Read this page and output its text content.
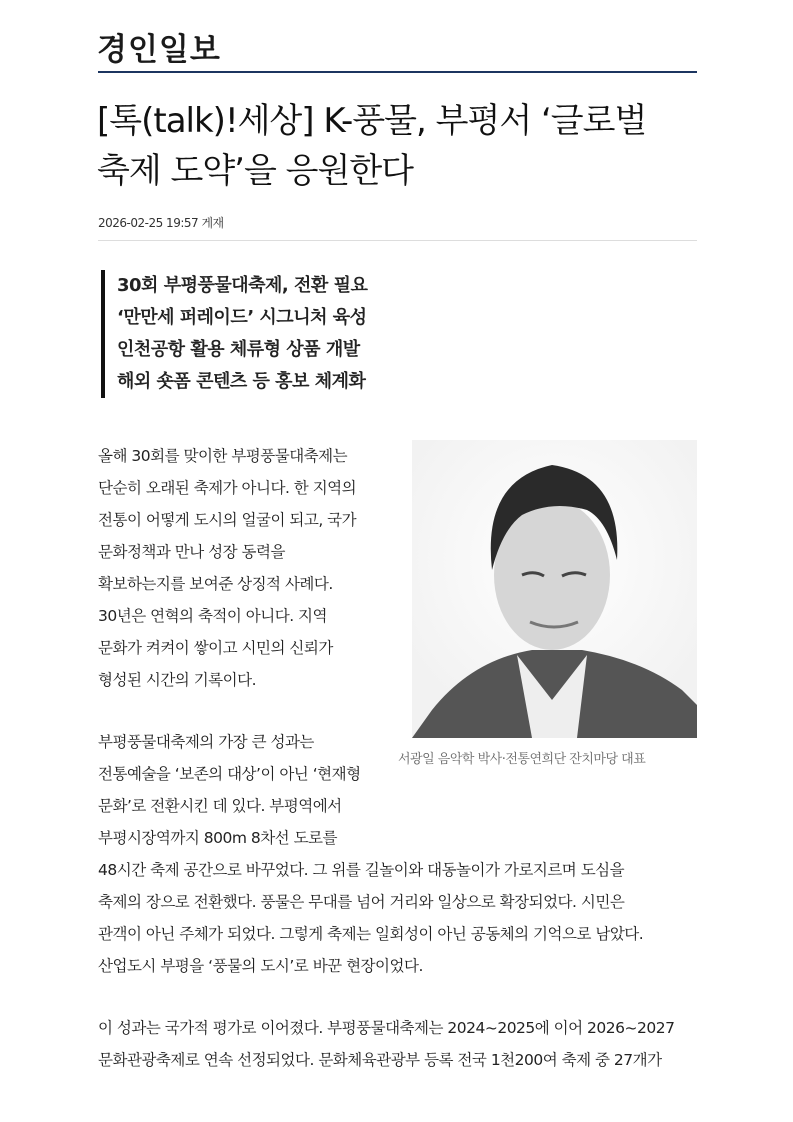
경인일보
[톡(talk)!세상] K-풍물, 부평서 ‘글로벌
축제 도약’을 응원한다
2026-02-25 19:57 게재
30회 부평풍물대축제, 전환 필요
‘만만세 퍼레이드’ 시그니처 육성
인천공항 활용 체류형 상품 개발
해외 숏폼 콘텐츠 등 홍보 체계화
서광일 음악학 박사·전통연희단 잔치마당 대표
올해 30회를 맞이한 부평풍물대축제는
단순히 오래된 축제가 아니다. 한 지역의
전통이 어떻게 도시의 얼굴이 되고, 국가
문화정책과 만나 성장 동력을
확보하는지를 보여준 상징적 사례다.
30년은 연혁의 축적이 아니다. 지역
문화가 켜켜이 쌓이고 시민의 신뢰가
형성된 시간의 기록이다.
부평풍물대축제의 가장 큰 성과는
전통예술을 ‘보존의 대상’이 아닌 ‘현재형
문화’로 전환시킨 데 있다. 부평역에서
부평시장역까지 800m 8차선 도로를
48시간 축제 공간으로 바꾸었다. 그 위를 길놀이와 대동놀이가 가로지르며 도심을
축제의 장으로 전환했다. 풍물은 무대를 넘어 거리와 일상으로 확장되었다. 시민은
관객이 아닌 주체가 되었다. 그렇게 축제는 일회성이 아닌 공동체의 기억으로 남았다.
산업도시 부평을 ‘풍물의 도시’로 바꾼 현장이었다.
이 성과는 국가적 평가로 이어졌다. 부평풍물대축제는 2024~2025에 이어 2026~2027
문화관광축제로 연속 선정되었다. 문화체육관광부 등록 전국 1천200여 축제 중 27개가
